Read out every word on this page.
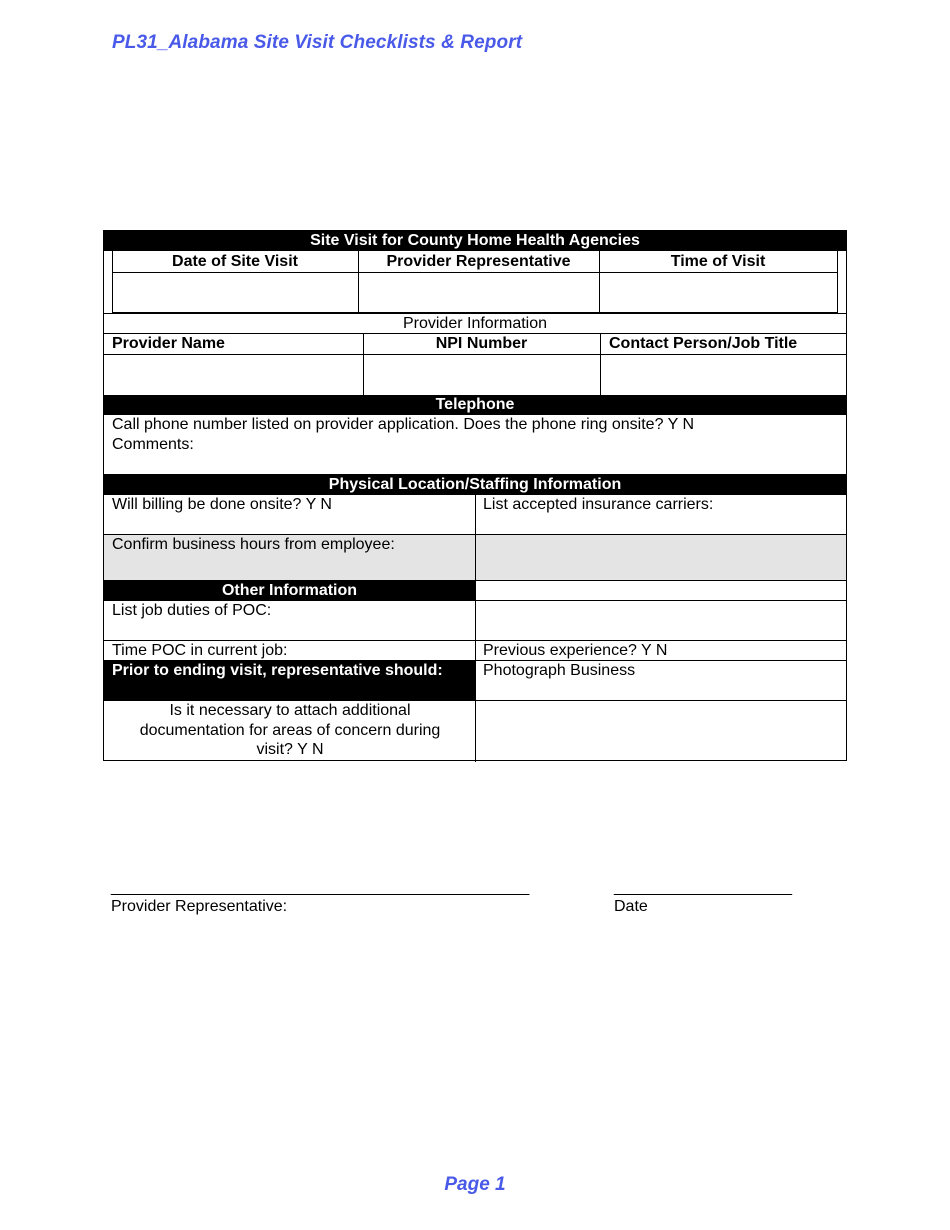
PL31_Alabama Site Visit Checklists & Report
Site Visit for County Home Health Agencies
Date of Site Visit	Provider Representative	Time of Visit
Provider Information
Provider Name	NPI Number	Contact Person/Job Title
Telephone
Call phone number listed on provider application. Does the phone ring onsite? Y N
Comments:
Physical Location/Staffing Information
Will billing be done onsite? Y N	List accepted insurance carriers:
Confirm business hours from employee:
Other Information
List job duties of POC:
Time POC in current job:	Previous experience? Y N
Prior to ending visit, representative should:	Photograph Business
Is it necessary to attach additional documentation for areas of concern during visit? Y N
_______________________________________________	____________________
Provider Representative:	Date
Page 1
